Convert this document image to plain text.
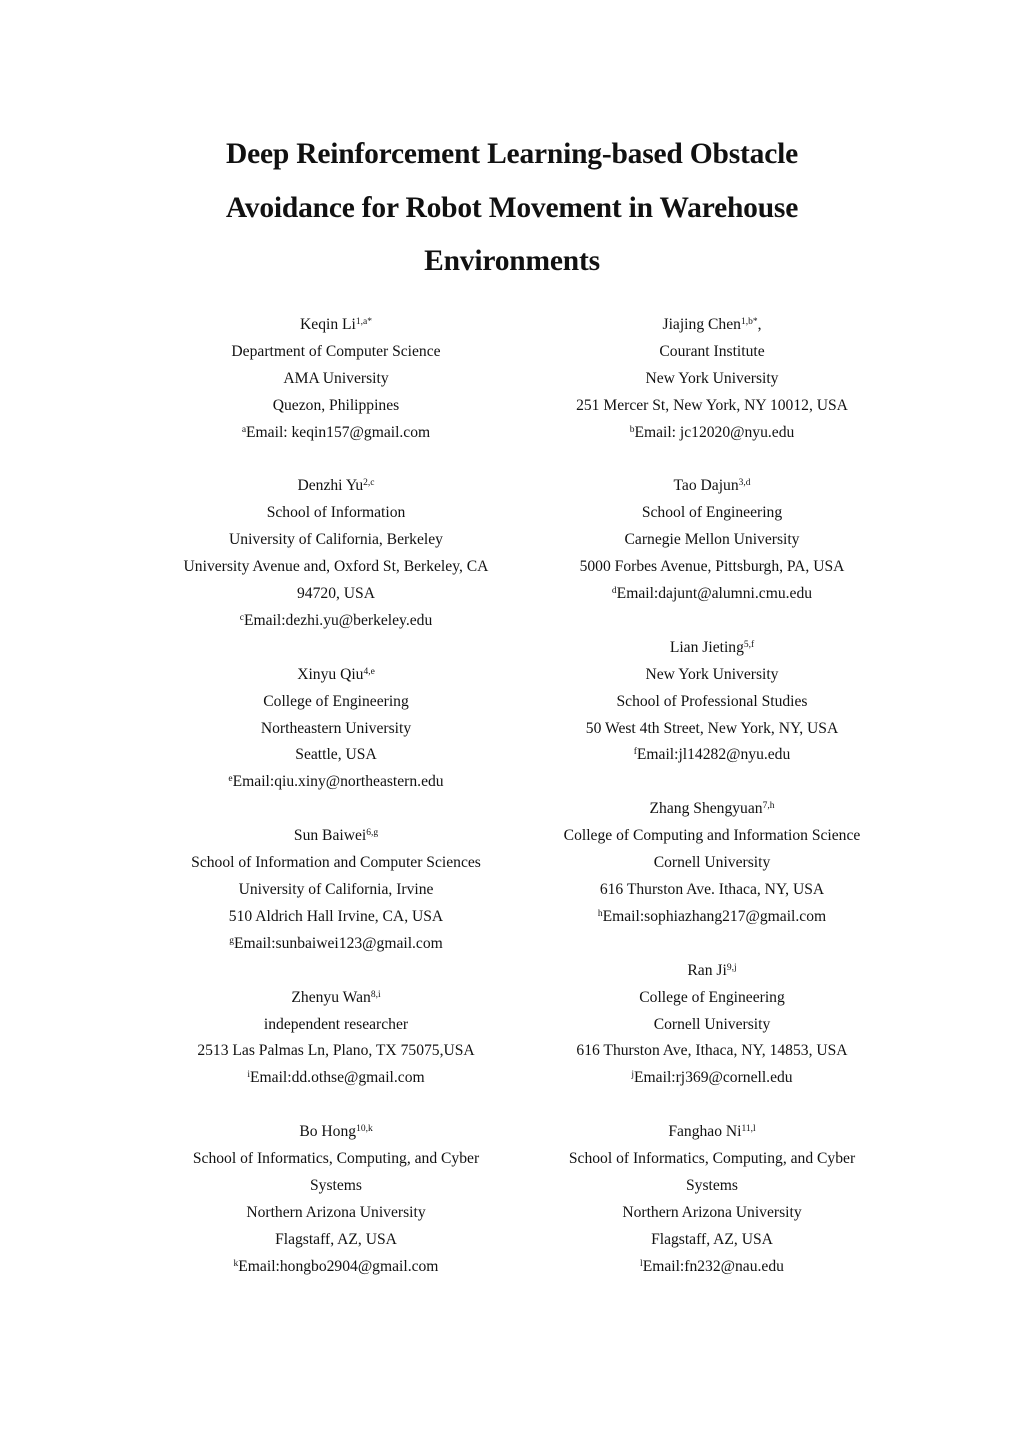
Deep Reinforcement Learning-based Obstacle
Avoidance for Robot Movement in Warehouse
Environments
Keqin $Li^{1,a*}$
Department of Computer Science
AMA University
Quezon, Philippines
$^a$Email: keqin157@gmail.com
Denzhi Yu$^{2,c}$
School of Information
University of California, Berkeley
University Avenue and, Oxford St, Berkeley, CA
94720, USA
$^c$Email:dezhi.yu@berkeley.edu
Xinyu Qiu$^{4,e}$
College of Engineering
Northeastern University
Seattle, USA
$^e$Email:qiu.xiny@northeastern.edu
Sun Baiwei$^{6,g}$
School of Information and Computer Sciences
University of California, Irvine
510 Aldrich Hall Irvine, CA, USA
$^g$Email:sunbaiwei123@gmail.com
Zhenyu Wan$^{8,i}$
independent researcher
2513 Las Palmas Ln, Plano, TX 75075,USA
$^i$Email:dd.othse@gmail.com
Bo Hong$^{10,k}$
School of Informatics, Computing, and Cyber
Systems
Northern Arizona University
Flagstaff, AZ, USA
$^k$Email:hongbo2904@gmail.com
Jiajing Chen$^{1,b*}$,
Courant Institute
New York University
251 Mercer St, New York, NY 10012, USA
$^b$Email: jc12020@nyu.edu
Tao Dajun$^{3,d}$
School of Engineering
Carnegie Mellon University
5000 Forbes Avenue, Pittsburgh, PA, USA
$^d$Email:dajunt@alumni.cmu.edu
Lian Jieting$^{5,f}$
New York University
School of Professional Studies
50 West 4th Street, New York, NY, USA
$^f$Email:jl14282@nyu.edu
Zhang Shengyuan$^{7,h}$
College of Computing and Information Science
Cornell University
616 Thurston Ave. Ithaca, NY, USA
$^h$Email:sophiazhang217@gmail.com
Ran Ji$^{9,j}$
College of Engineering
Cornell University
616 Thurston Ave, Ithaca, NY, 14853, USA
$^j$Email:rj369@cornell.edu
Fanghao Ni$^{11,l}$
School of Informatics, Computing, and Cyber
Systems
Northern Arizona University
Flagstaff, AZ, USA
$^l$Email:fn232@nau.edu
